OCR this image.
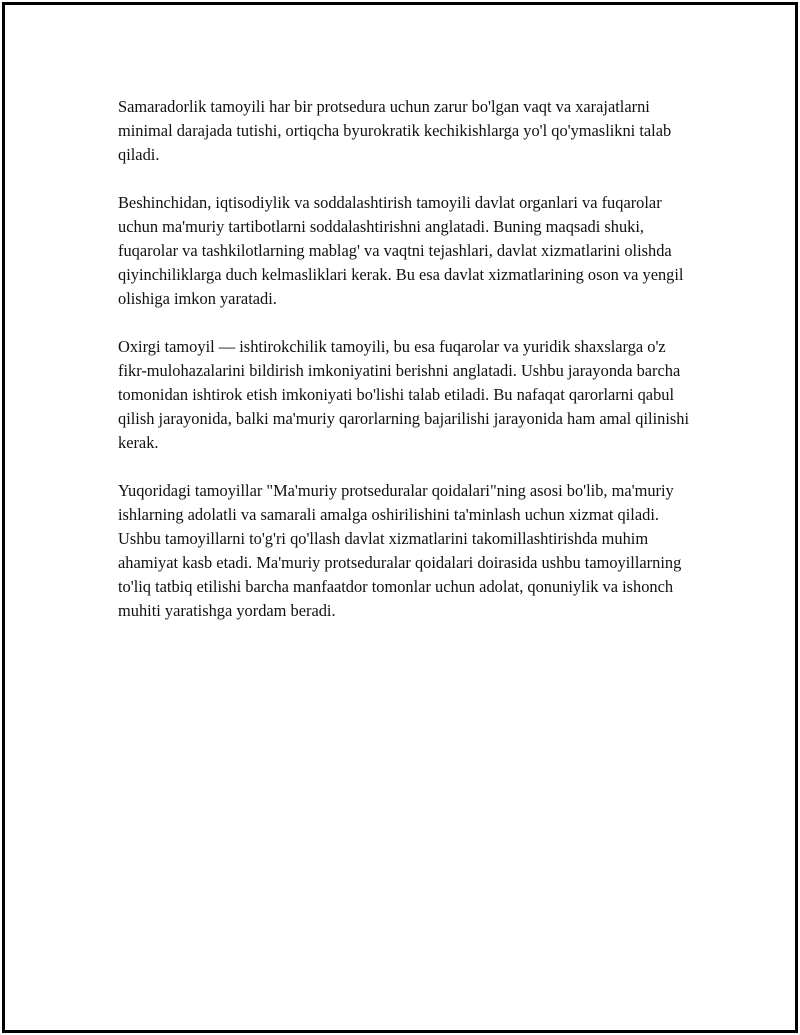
Samaradorlik tamoyili har bir protsedura uchun zarur bo'lgan vaqt va xarajatlarni minimal darajada tutishi, ortiqcha byurokratik kechikishlarga yo'l qo'ymaslikni talab qiladi.

Beshinchidan, iqtisodiylik va soddalashtirish tamoyili davlat organlari va fuqarolar uchun ma'muriy tartibotlarni soddalashtirishni anglatadi. Buning maqsadi shuki, fuqarolar va tashkilotlarning mablag' va vaqtni tejashlari, davlat xizmatlarini olishda qiyinchiliklarga duch kelmasliklari kerak. Bu esa davlat xizmatlarining oson va yengil olishiga imkon yaratadi.

Oxirgi tamoyil — ishtirokchilik tamoyili, bu esa fuqarolar va yuridik shaxslarga o'z fikr-mulohazalarini bildirish imkoniyatini berishni anglatadi. Ushbu jarayonda barcha tomonidan ishtirok etish imkoniyati bo'lishi talab etiladi. Bu nafaqat qarorlarni qabul qilish jarayonida, balki ma'muriy qarorlarning bajarilishi jarayonida ham amal qilinishi kerak.

Yuqoridagi tamoyillar "Ma'muriy protseduralar qoidalari"ning asosi bo'lib, ma'muriy ishlarning adolatli va samarali amalga oshirilishini ta'minlash uchun xizmat qiladi. Ushbu tamoyillarni to'g'ri qo'llash davlat xizmatlarini takomillashtirishda muhim ahamiyat kasb etadi. Ma'muriy protseduralar qoidalari doirasida ushbu tamoyillarning to'liq tatbiq etilishi barcha manfaatdor tomonlar uchun adolat, qonuniylik va ishonch muhiti yaratishga yordam beradi.
